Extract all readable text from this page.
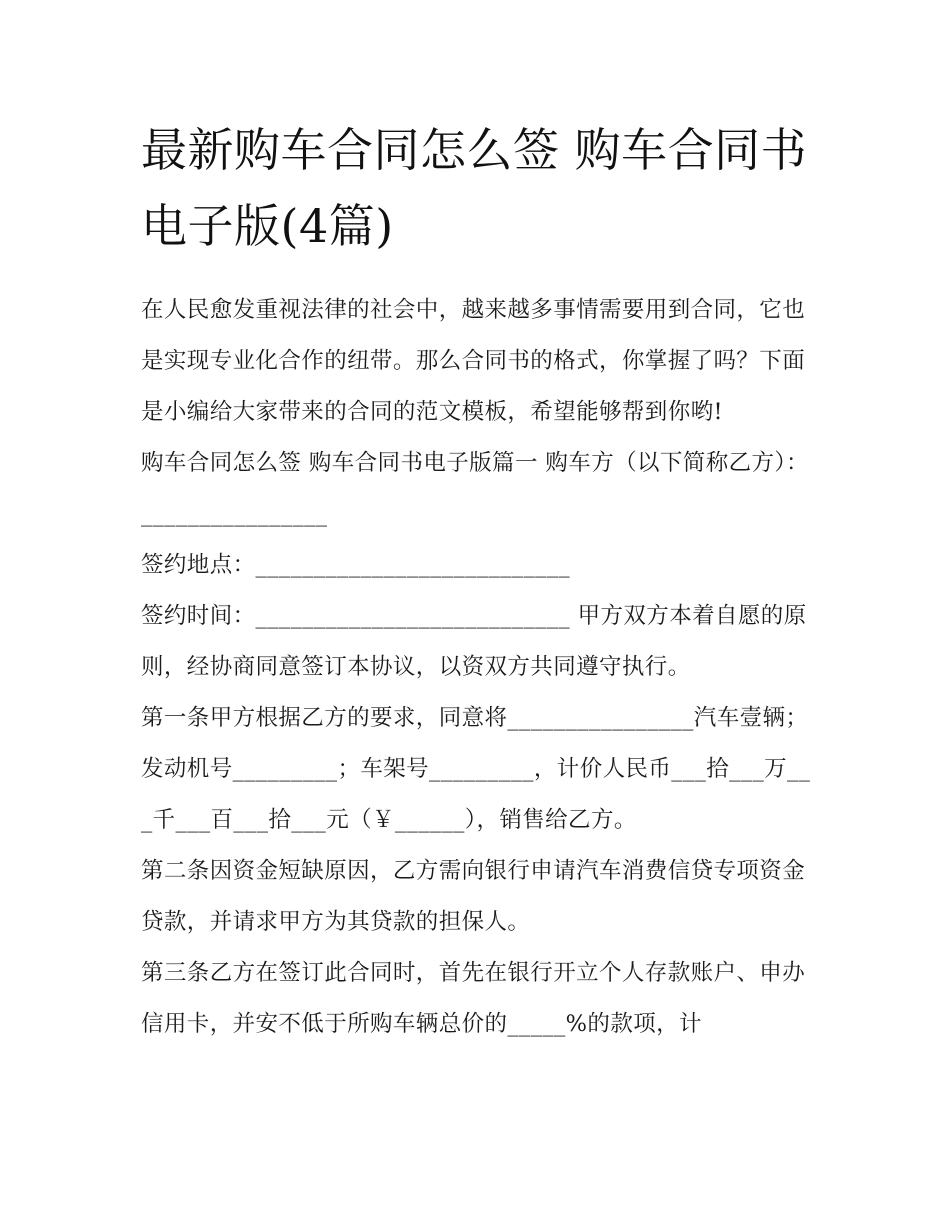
最新购车合同怎么签 购车合同书电子版(4篇)

在人民愈发重视法律的社会中，越来越多事情需要用到合同，它也是实现专业化合作的纽带。那么合同书的格式，你掌握了吗？下面是小编给大家带来的合同的范文模板，希望能够帮到你哟!

购车合同怎么签 购车合同书电子版篇一 购车方（以下简称乙方）：________________

签约地点：___________________________

签约时间：___________________________ 甲方双方本着自愿的原则，经协商同意签订本协议，以资双方共同遵守执行。

第一条甲方根据乙方的要求，同意将________________汽车壹辆；发动机号_________；车架号_________，计价人民币___拾___万___千___百___拾___元（￥______），销售给乙方。

第二条因资金短缺原因，乙方需向银行申请汽车消费信贷专项资金贷款，并请求甲方为其贷款的担保人。

第三条乙方在签订此合同时，首先在银行开立个人存款账户、申办信用卡，并安不低于所购车辆总价的_____%的款项，计
